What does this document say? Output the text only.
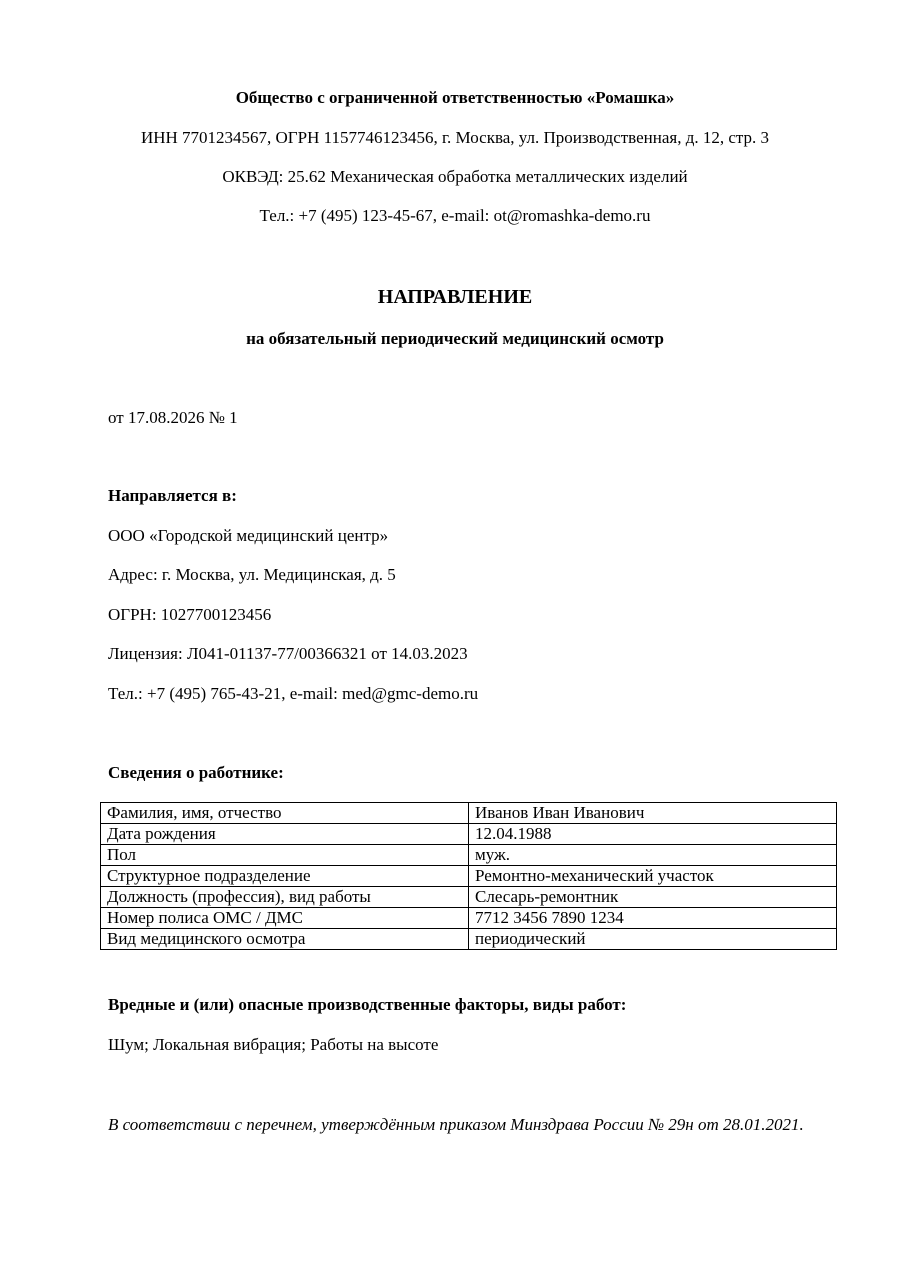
Общество с ограниченной ответственностью «Ромашка»
ИНН 7701234567, ОГРН 1157746123456, г. Москва, ул. Производственная, д. 12, стр. 3
ОКВЭД: 25.62 Механическая обработка металлических изделий
Тел.: +7 (495) 123-45-67, e-mail: ot@romashka-demo.ru
НАПРАВЛЕНИЕ
на обязательный периодический медицинский осмотр
от 17.08.2026 № 1
Направляется в:
ООО «Городской медицинский центр»
Адрес: г. Москва, ул. Медицинская, д. 5
ОГРН: 1027700123456
Лицензия: Л041-01137-77/00366321 от 14.03.2023
Тел.: +7 (495) 765-43-21, e-mail: med@gmc-demo.ru
Сведения о работнике:
Фамилия, имя, отчество	Иванов Иван Иванович
Дата рождения	12.04.1988
Пол	муж.
Структурное подразделение	Ремонтно-механический участок
Должность (профессия), вид работы	Слесарь-ремонтник
Номер полиса ОМС / ДМС	7712 3456 7890 1234
Вид медицинского осмотра	периодический
Вредные и (или) опасные производственные факторы, виды работ:
Шум; Локальная вибрация; Работы на высоте
В соответствии с перечнем, утверждённым приказом Минздрава России № 29н от 28.01.2021.
